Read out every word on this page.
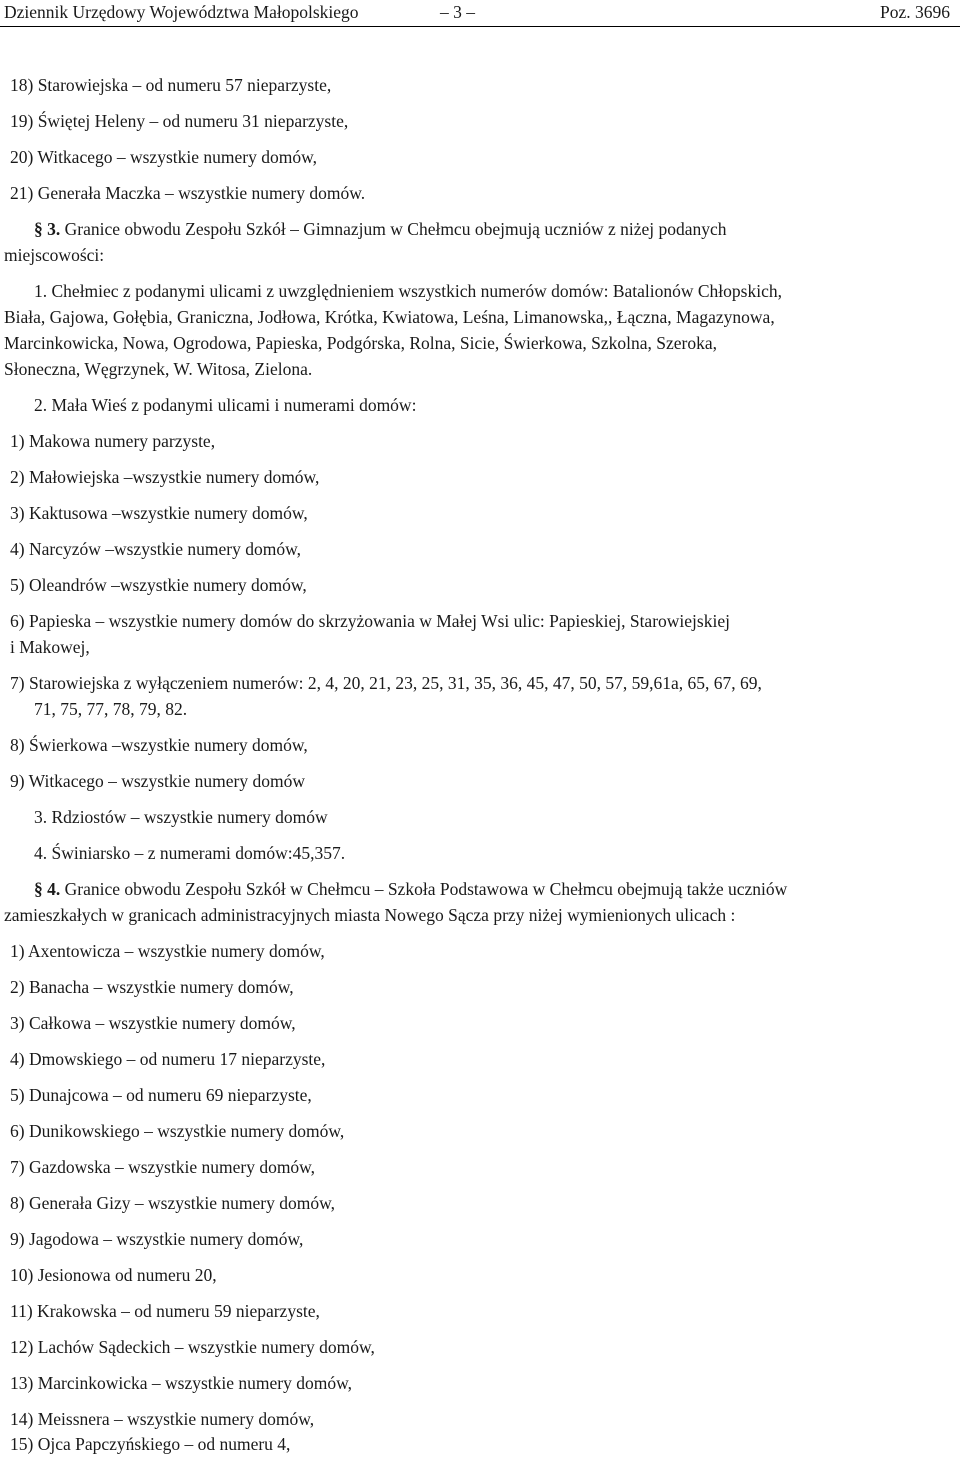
Dziennik Urzędowy Województwa Małopolskiego	– 3 –	Poz. 3696
18) Starowiejska – od numeru 57 nieparzyste,
19) Świętej Heleny – od numeru 31 nieparzyste,
20) Witkacego – wszystkie numery domów,
21) Generała Maczka – wszystkie numery domów.
§ 3. Granice obwodu Zespołu Szkół – Gimnazjum w Chełmcu obejmują uczniów z niżej podanych
miejscowości:
1. Chełmiec z podanymi ulicami z uwzględnieniem wszystkich numerów domów: Batalionów Chłopskich,
Biała, Gajowa, Gołębia, Graniczna, Jodłowa, Krótka, Kwiatowa, Leśna, Limanowska,, Łączna, Magazynowa,
Marcinkowicka, Nowa, Ogrodowa, Papieska, Podgórska, Rolna, Sicie, Świerkowa, Szkolna, Szeroka,
Słoneczna, Węgrzynek, W. Witosa, Zielona.
2. Mała Wieś z podanymi ulicami i numerami domów:
1) Makowa numery parzyste,
2) Małowiejska –wszystkie numery domów,
3) Kaktusowa –wszystkie numery domów,
4) Narcyzów –wszystkie numery domów,
5) Oleandrów –wszystkie numery domów,
6) Papieska – wszystkie numery domów do skrzyżowania w Małej Wsi ulic: Papieskiej, Starowiejskiej
i Makowej,
7) Starowiejska z wyłączeniem numerów: 2, 4, 20, 21, 23, 25, 31, 35, 36, 45, 47, 50, 57, 59,61a, 65, 67, 69,
71, 75, 77, 78, 79, 82.
8) Świerkowa –wszystkie numery domów,
9) Witkacego – wszystkie numery domów
3. Rdziostów – wszystkie numery domów
4. Świniarsko – z numerami domów:45,357.
§ 4. Granice obwodu Zespołu Szkół w Chełmcu – Szkoła Podstawowa w Chełmcu obejmują także uczniów
zamieszkałych w granicach administracyjnych miasta Nowego Sącza przy niżej wymienionych ulicach :
1) Axentowicza – wszystkie numery domów,
2) Banacha – wszystkie numery domów,
3) Całkowa – wszystkie numery domów,
4) Dmowskiego – od numeru 17 nieparzyste,
5) Dunajcowa – od numeru 69 nieparzyste,
6) Dunikowskiego – wszystkie numery domów,
7) Gazdowska – wszystkie numery domów,
8) Generała Gizy – wszystkie numery domów,
9) Jagodowa – wszystkie numery domów,
10) Jesionowa od numeru 20,
11) Krakowska – od numeru 59 nieparzyste,
12) Lachów Sądeckich – wszystkie numery domów,
13) Marcinkowicka – wszystkie numery domów,
14) Meissnera – wszystkie numery domów,
15) Ojca Papczyńskiego – od numeru 4,
